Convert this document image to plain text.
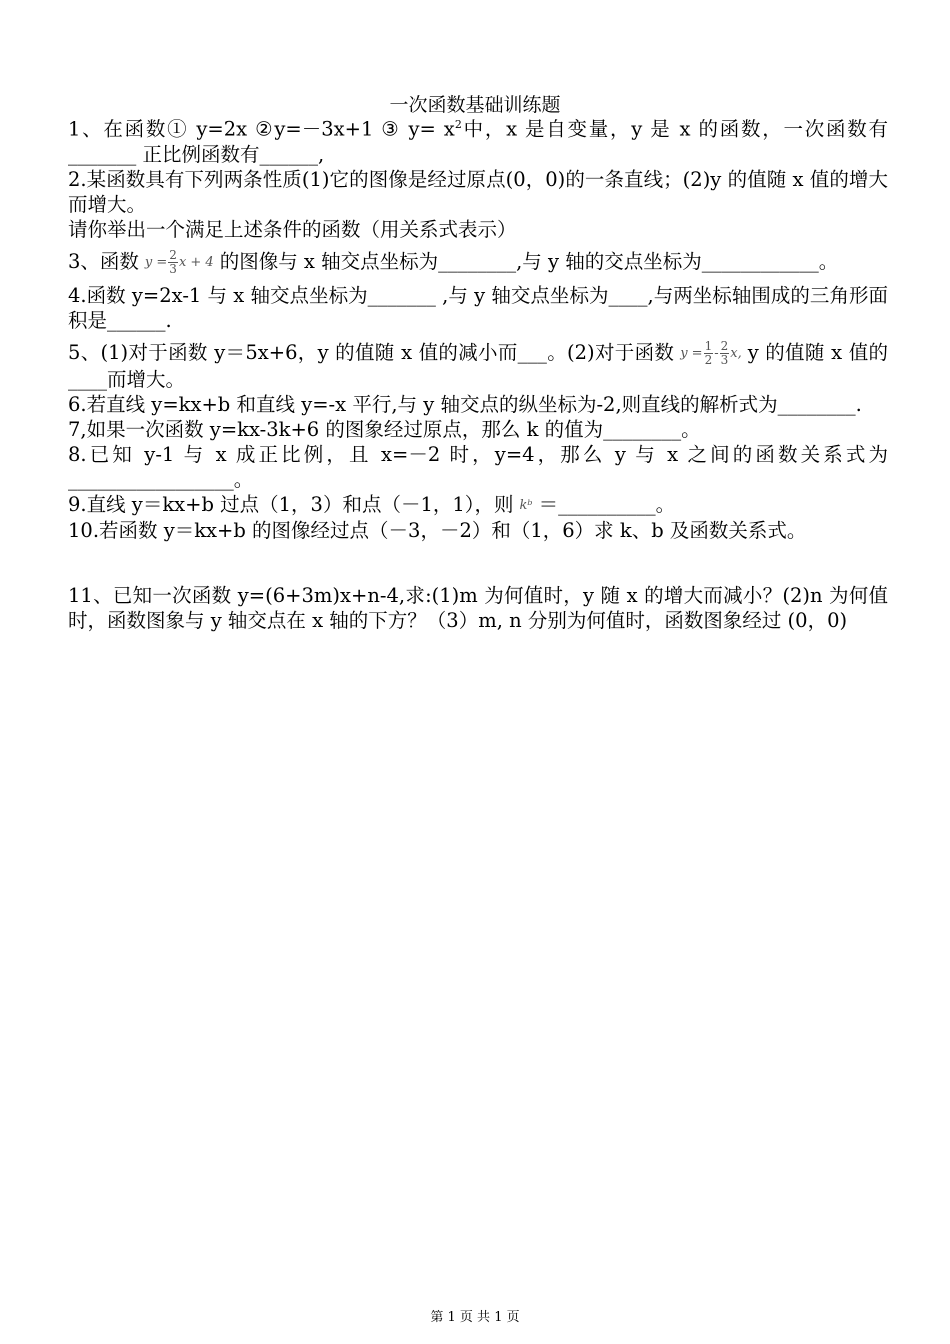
一次函数基础训练题

1、在函数① y=2x ②y=－3x+1 ③ $y= x^2$中，x 是自变量，y 是 x 的函数，一次函数有_______ 正比例函数有______,

2.某函数具有下列两条性质(1)它的图像是经过原点(0，0)的一条直线；(2)y 的值随 x 值的增大而增大。

请你举出一个满足上述条件的函数（用关系式表示）

3、函数 $y = \frac{2}{3}$ x + 4 的图像与 x 轴交点坐标为________,与 y 轴的交点坐标为____________。

4.函数 y=2x-1 与 x 轴交点坐标为_______ ,与 y 轴交点坐标为____,与两坐标轴围成的三角形面积是______.

5、(1)对于函数 y＝5x+6，y 的值随 x 值的减小而___。(2)对于函数 $y = \frac{1}{2} - \frac{2}{3} x$, y 的值随 x 值的____而增大。

6.若直线 y=kx+b 和直线 y=-x 平行,与 y 轴交点的纵坐标为-2,则直线的解析式为________.

7,如果一次函数 y=kx-3k+6 的图象经过原点，那么 k 的值为________。

8.已知 y-1 与 x 成正比例，且 x=－2 时，y=4，那么 y 与 x 之间的函数关系式为_________________。

9.直线 y＝kx+b 过点（1，3）和点（－1，1），则 kᵇ ＝__________。

10.若函数 y＝kx+b 的图像经过点（－3，－2）和（1，6）求 k、b 及函数关系式。

11、已知一次函数 y=(6+3m)x+n-4,求:(1)m 为何值时，y 随 x 的增大而减小？(2)n 为何值时，函数图象与 y 轴交点在 x 轴的下方？（3）m, n 分别为何值时，函数图象经过 (0，0)

第 1 页 共 1 页
